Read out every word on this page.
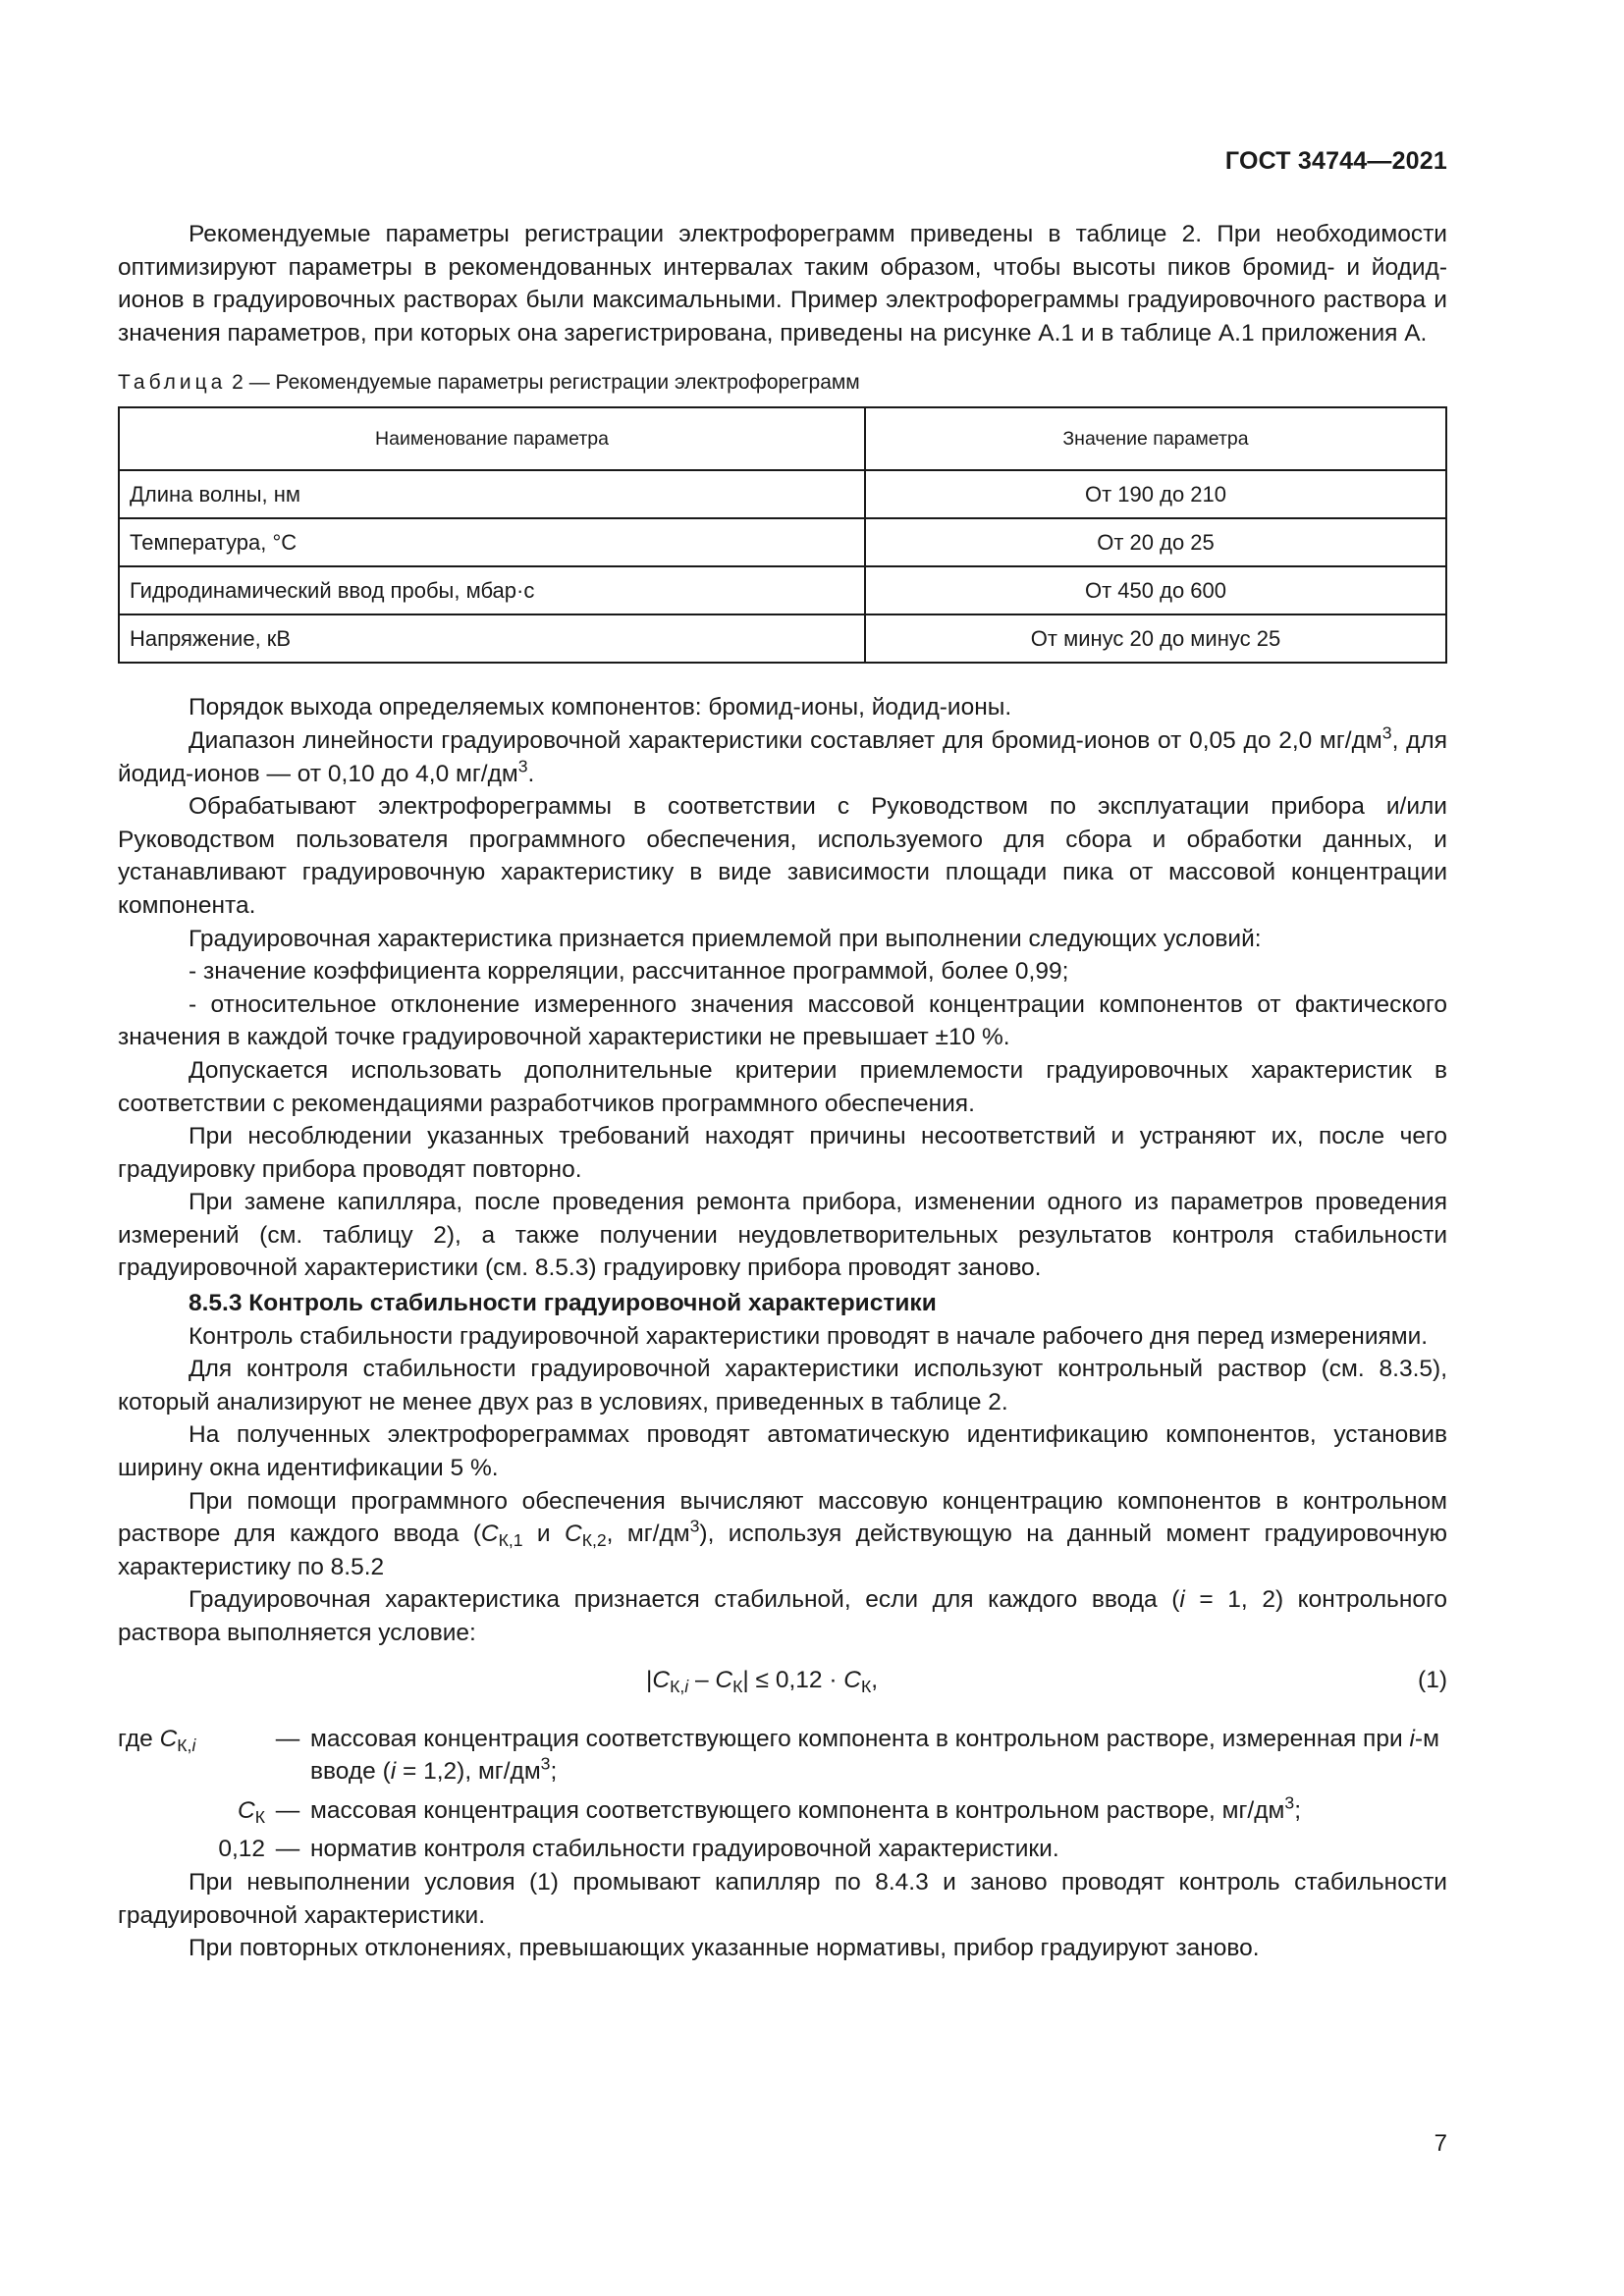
ГОСТ 34744—2021

Рекомендуемые параметры регистрации электрофореграмм приведены в таблице 2. При необходимости оптимизируют параметры в рекомендованных интервалах таким образом, чтобы высоты пиков бромид- и йодид-ионов в градуировочных растворах были максимальными. Пример электрофореграммы градуировочного раствора и значения параметров, при которых она зарегистрирована, приведены на рисунке А.1 и в таблице А.1 приложения А.

Таблица 2 — Рекомендуемые параметры регистрации электрофореграмм
Наименование параметра	Значение параметра
Длина волны, нм	От 190 до 210
Температура, °С	От 20 до 25
Гидродинамический ввод пробы, мбар·с	От 450 до 600
Напряжение, кВ	От минус 20 до минус 25

Порядок выхода определяемых компонентов: бромид-ионы, йодид-ионы.

Диапазон линейности градуировочной характеристики составляет для бромид-ионов от 0,05 до 2,0 $мг/дм^3$, для йодид-ионов — от 0,10 до 4,0 $мг/дм^3$.

Обрабатывают электрофореграммы в соответствии с Руководством по эксплуатации прибора и/или Руководством пользователя программного обеспечения, используемого для сбора и обработки данных, и устанавливают градуировочную характеристику в виде зависимости площади пика от массовой концентрации компонента.

Градуировочная характеристика признается приемлемой при выполнении следующих условий:

- значение коэффициента корреляции, рассчитанное программой, более 0,99;

- относительное отклонение измеренного значения массовой концентрации компонентов от фактического значения в каждой точке градуировочной характеристики не превышает ±10 %.

Допускается использовать дополнительные критерии приемлемости градуировочных характеристик в соответствии с рекомендациями разработчиков программного обеспечения.

При несоблюдении указанных требований находят причины несоответствий и устраняют их, после чего градуировку прибора проводят повторно.

При замене капилляра, после проведения ремонта прибора, изменении одного из параметров проведения измерений (см. таблицу 2), а также получении неудовлетворительных результатов контроля стабильности градуировочной характеристики (см. 8.5.3) градуировку прибора проводят заново.

8.5.3 Контроль стабильности градуировочной характеристики

Контроль стабильности градуировочной характеристики проводят в начале рабочего дня перед измерениями.

Для контроля стабильности градуировочной характеристики используют контрольный раствор (см. 8.3.5), который анализируют не менее двух раз в условиях, приведенных в таблице 2.

На полученных электрофореграммах проводят автоматическую идентификацию компонентов, установив ширину окна идентификации 5 %.

При помощи программного обеспечения вычисляют массовую концентрацию компонентов в контрольном растворе для каждого ввода ($C_{К,1}$ и $C_{К,2}$, $мг/дм^3$), используя действующую на данный момент градуировочную характеристику по 8.5.2

Градуировочная характеристика признается стабильной, если для каждого ввода (i = 1, 2) контрольного раствора выполняется условие:

$|C_{К,i} - C_К| \le 0,12 \cdot C_К$,	(1)
где $C_{К,i}$	— массовая концентрация соответствующего компонента в контрольном растворе, измеренная при i-м вводе (i = 1,2), $мг/дм^3$;
$C_К$ — массовая концентрация соответствующего компонента в контрольном растворе, $мг/дм^3$;
0,12 — норматив контроля стабильности градуировочной характеристики.

При невыполнении условия (1) промывают капилляр по 8.4.3 и заново проводят контроль стабильности градуировочной характеристики.

При повторных отклонениях, превышающих указанные нормативы, прибор градуируют заново.

7
